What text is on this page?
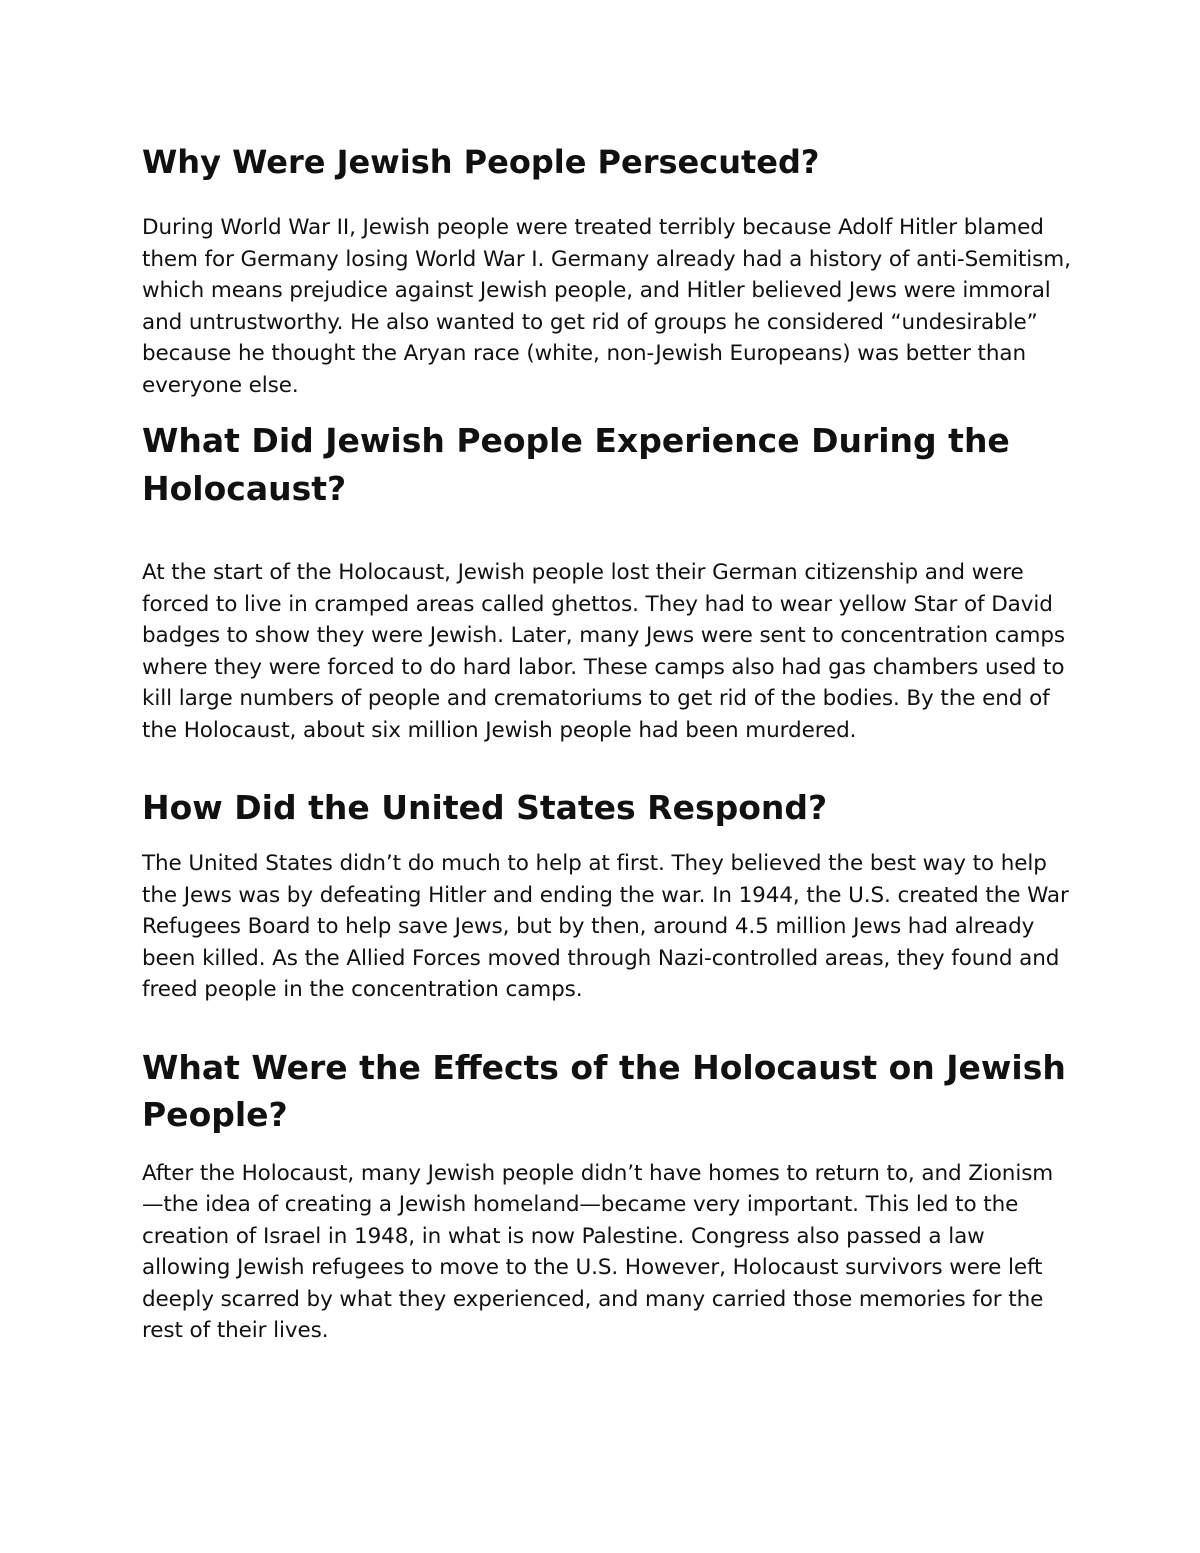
Why Were Jewish People Persecuted?

During World War II, Jewish people were treated terribly because Adolf Hitler blamed them for Germany losing World War I. Germany already had a history of anti-Semitism, which means prejudice against Jewish people, and Hitler believed Jews were immoral and untrustworthy. He also wanted to get rid of groups he considered “undesirable” because he thought the Aryan race (white, non-Jewish Europeans) was better than everyone else.

What Did Jewish People Experience During the Holocaust?

At the start of the Holocaust, Jewish people lost their German citizenship and were forced to live in cramped areas called ghettos. They had to wear yellow Star of David badges to show they were Jewish. Later, many Jews were sent to concentration camps where they were forced to do hard labor. These camps also had gas chambers used to kill large numbers of people and crematoriums to get rid of the bodies. By the end of the Holocaust, about six million Jewish people had been murdered.

How Did the United States Respond?

The United States didn’t do much to help at first. They believed the best way to help the Jews was by defeating Hitler and ending the war. In 1944, the U.S. created the War Refugees Board to help save Jews, but by then, around 4.5 million Jews had already been killed. As the Allied Forces moved through Nazi-controlled areas, they found and freed people in the concentration camps.

What Were the Effects of the Holocaust on Jewish People?

After the Holocaust, many Jewish people didn’t have homes to return to, and Zionism—the idea of creating a Jewish homeland—became very important. This led to the creation of Israel in 1948, in what is now Palestine. Congress also passed a law allowing Jewish refugees to move to the U.S. However, Holocaust survivors were left deeply scarred by what they experienced, and many carried those memories for the rest of their lives.
